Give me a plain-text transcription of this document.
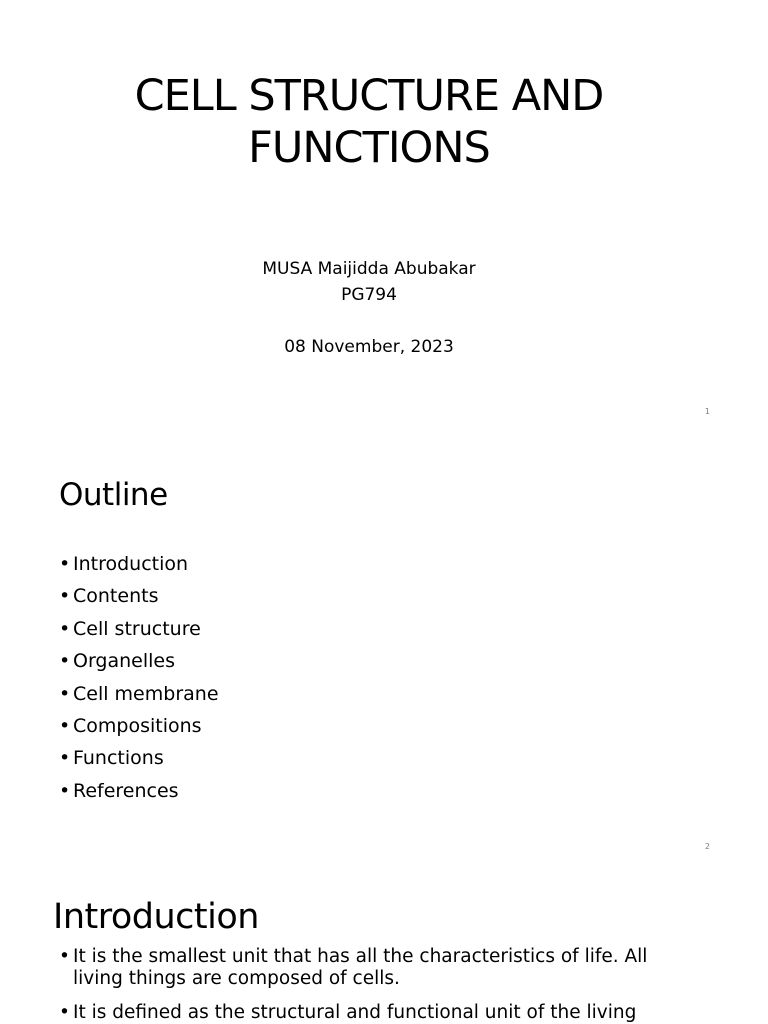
CELL STRUCTURE AND
FUNCTIONS
MUSA Maijidda Abubakar
PG794
08 November, 2023
1
Outline
• Introduction
• Contents
• Cell structure
• Organelles
• Cell membrane
• Compositions
• Functions
• References
2
Introduction
• It is the smallest unit that has all the characteristics of life. All living things are composed of cells.
• It is defined as the structural and functional unit of the living
